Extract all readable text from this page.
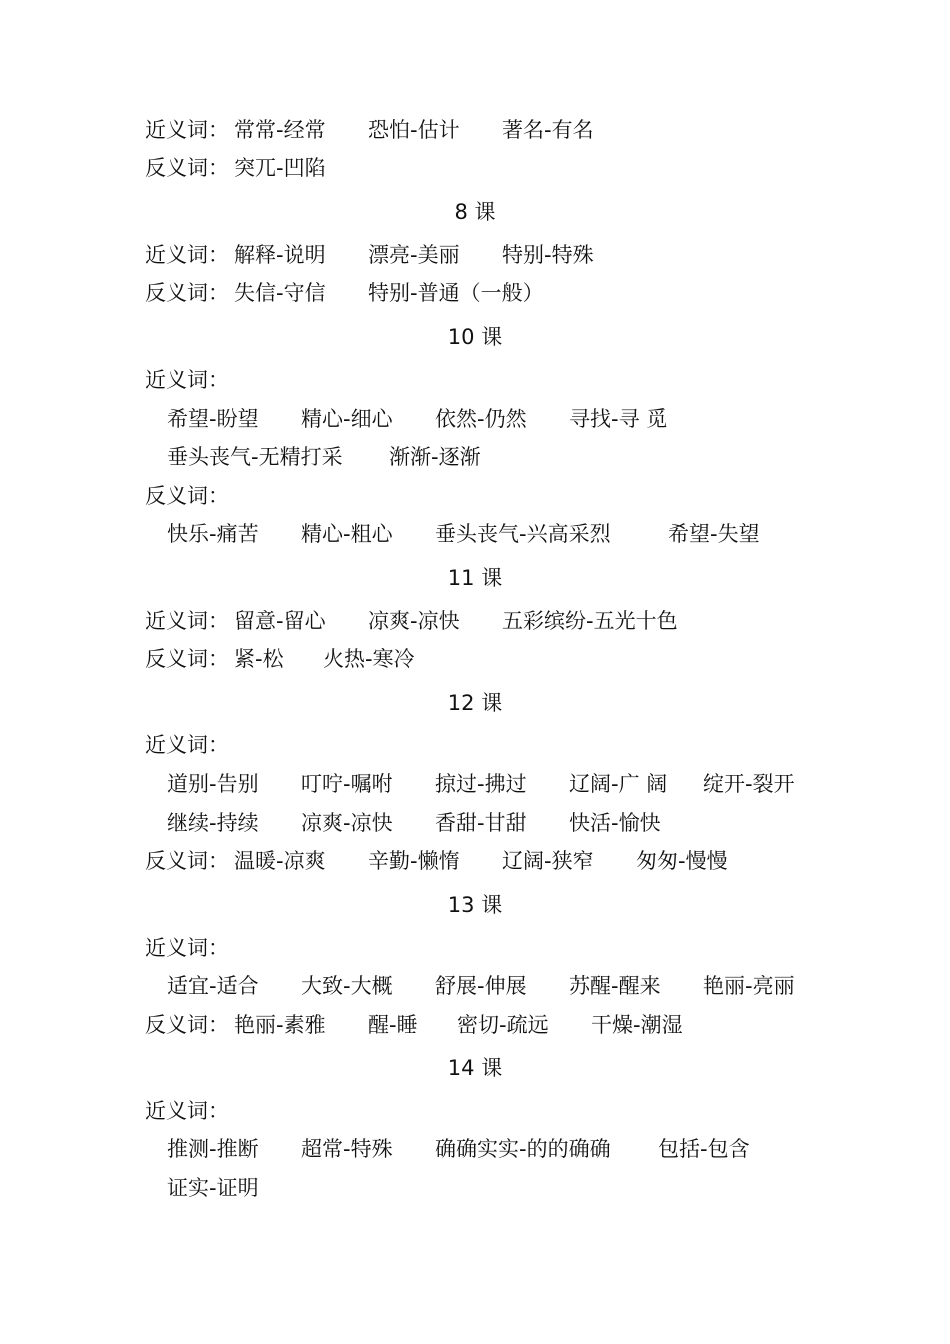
近义词： 常常-经常 恐怕-估计 著名-有名
反义词： 突兀-凹陷
8 课
近义词： 解释-说明 漂亮-美丽 特别-特殊
反义词： 失信-守信 特别-普通（一般）
10 课
近义词：
希望-盼望 精心-细心 依然-仍然 寻找-寻 觅
垂头丧气-无精打采 渐渐-逐渐
反义词：
快乐-痛苦 精心-粗心 垂头丧气-兴高采烈	希望-失望
11 课
近义词： 留意-留心 凉爽-凉快 五彩缤纷-五光十色
反义词： 紧-松 火热-寒冷
12 课
近义词：
道别-告别 叮咛-嘱咐 掠过-拂过 辽阔-广 阔 绽开-裂开
继续-持续 凉爽-凉快 香甜-甘甜 快活-愉快
反义词： 温暖-凉爽 辛勤-懒惰 辽阔-狭窄 匆匆-慢慢
13 课
近义词：
适宜-适合 大致-大概 舒展-伸展 苏醒-醒来 艳丽-亮丽
反义词： 艳丽-素雅 醒-睡 密切-疏远 干燥-潮湿
14 课
近义词：
推测-推断 超常-特殊 确确实实-的的确确 包括-包含
证实-证明
